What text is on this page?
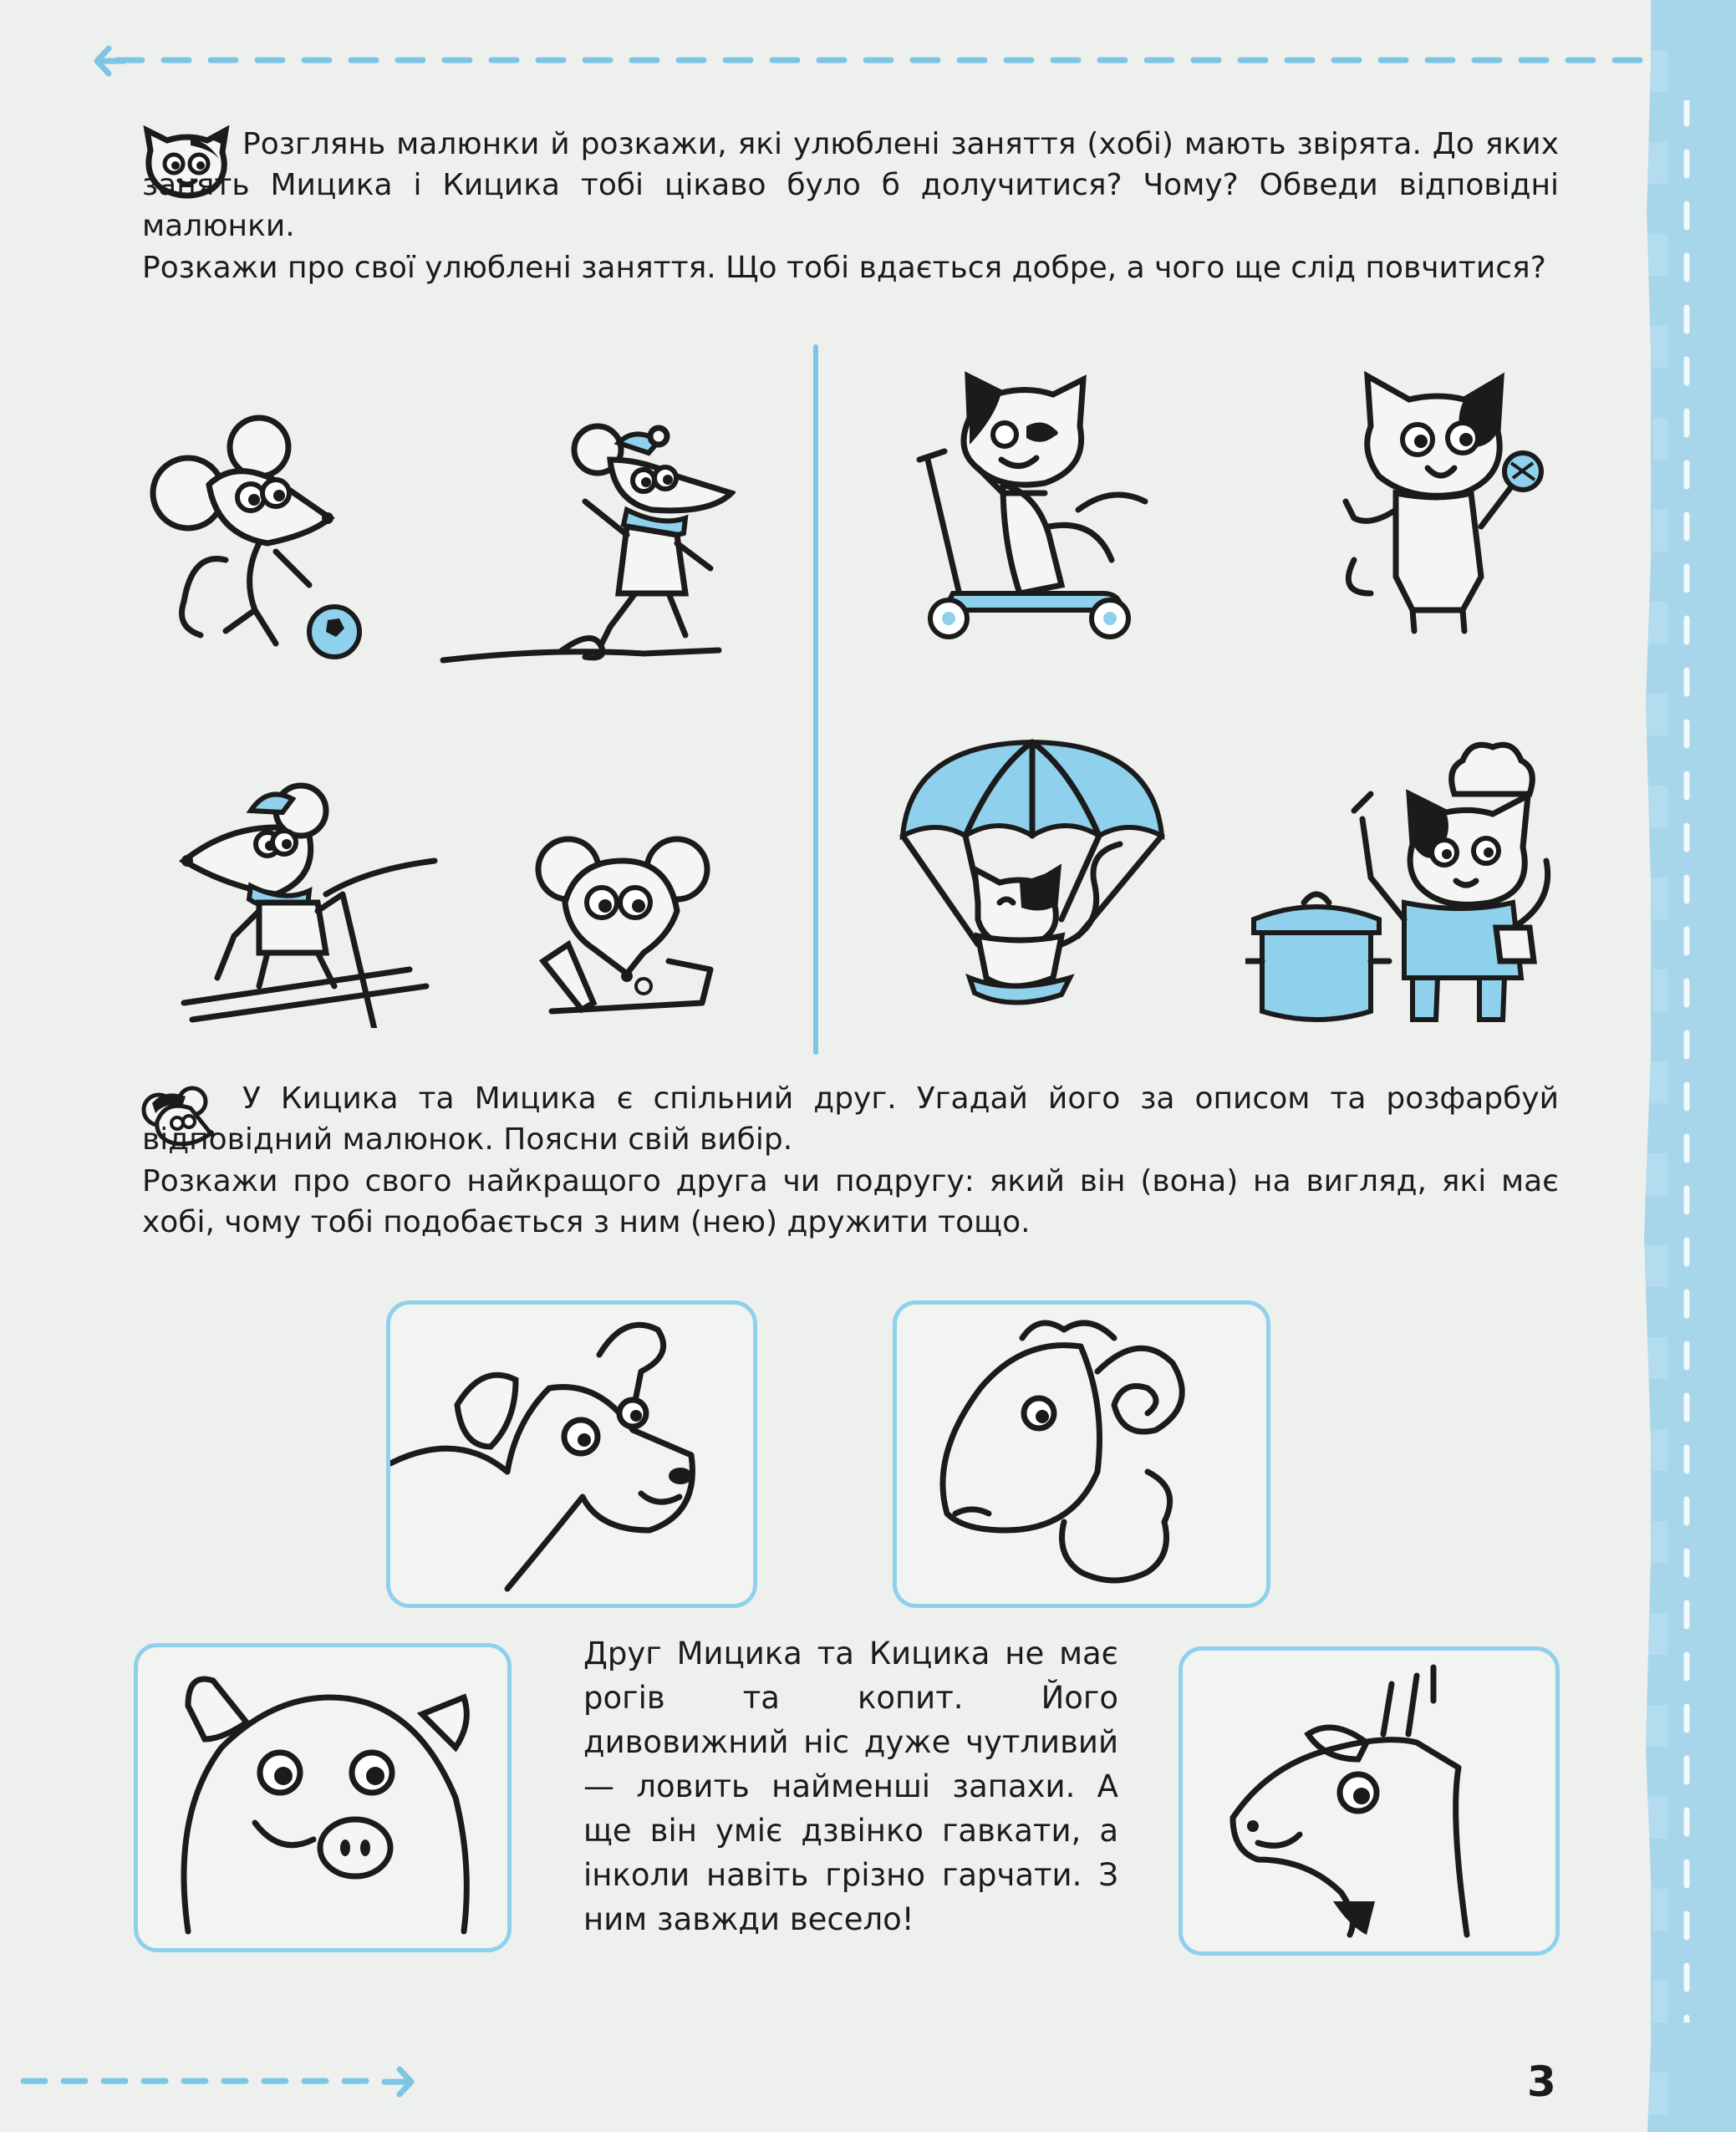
Розглянь малюнки й розкажи, які улюблені заняття (хобі) мають звірята. До яких занять Мицика і Кицика тобі цікаво було б долучитися? Чому? Обведи відповідні малюнки.

Розкажи про свої улюблені заняття. Що тобі вдається добре, а чого ще слід повчитися?

У Кицика та Мицика є спільний друг. Угадай його за описом та розфарбуй відповідний малюнок. Поясни свій вибір.

Розкажи про свого найкращого друга чи подругу: який він (вона) на вигляд, які має хобі, чому тобі подобається з ним (нею) дружити тощо.

Друг Мицика та Кицика не має рогів та копит. Його дивовижний ніс дуже чутливий — ловить найменші запахи. А ще він уміє дзвінко гавкати, а інколи навіть грізно гарчати. З ним завжди весело!

3
